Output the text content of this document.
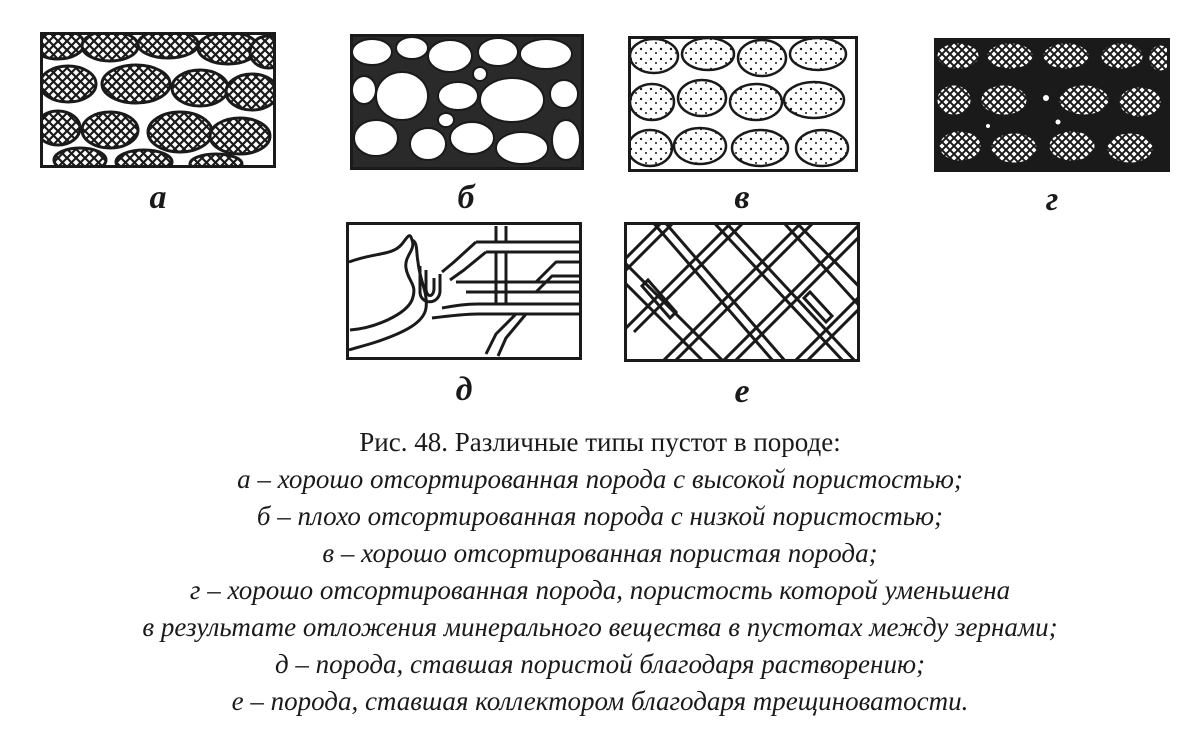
а	б	в	г
д	е
Рис. 48. Различные типы пустот в породе:
а – хорошо отсортированная порода с высокой пористостью;
б – плохо отсортированная порода с низкой пористостью;
в – хорошо отсортированная пористая порода;
г – хорошо отсортированная порода, пористость которой уменьшена
в результате отложения минерального вещества в пустотах между зернами;
д – порода, ставшая пористой благодаря растворению;
е – порода, ставшая коллектором благодаря трещиноватости.
